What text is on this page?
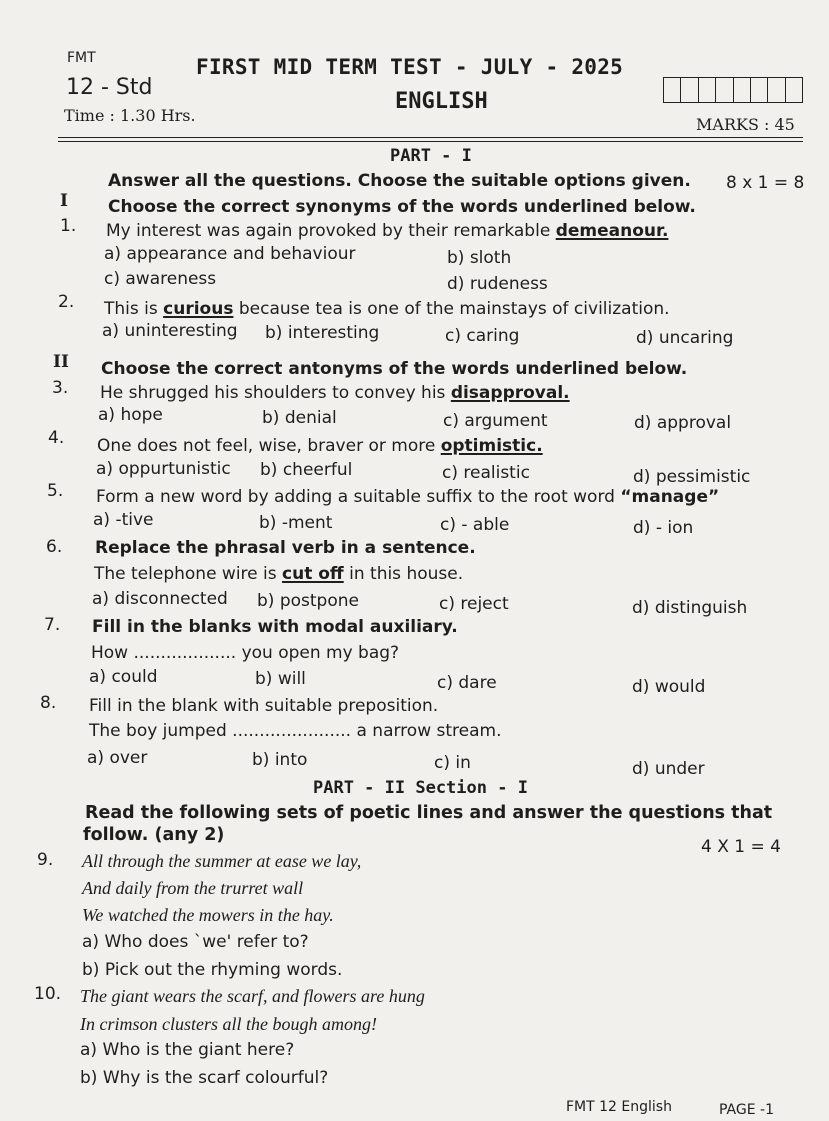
FMT	FIRST MID TERM TEST - JULY - 2025
12 - Std
ENGLISH
Time : 1.30 Hrs.	MARKS : 45
PART - I
Answer all the questions. Choose the suitable options given. 8 x 1 = 8
I Choose the correct synonyms of the words underlined below.
1. My interest was again provoked by their remarkable demeanour.
a) appearance and behaviour	b) sloth
c) awareness	d) rudeness
2. This is curious because tea is one of the mainstays of civilization.
a) uninteresting b) interesting	c) caring	d) uncaring
II Choose the correct antonyms of the words underlined below.
3. He shrugged his shoulders to convey his disapproval.
a) hope	b) denial	c) argument	d) approval
4. One does not feel, wise, braver or more optimistic.
a) oppurtunistic b) cheerful	c) realistic	d) pessimistic
5. Form a new word by adding a suitable suffix to the root word “manage”
a) -tive	b) -ment	c) - able	d) - ion
6. Replace the phrasal verb in a sentence.
The telephone wire is cut off in this house.
a) disconnected b) postpone	c) reject	d) distinguish
7. Fill in the blanks with modal auxiliary.
How ................... you open my bag?
a) could	b) will	c) dare	d) would
8. Fill in the blank with suitable preposition.
The boy jumped ...................... a narrow stream.
a) over	b) into	c) in	d) under
PART - II Section - I
Read the following sets of poetic lines and answer the questions that
follow. (any 2)
4 X 1 = 4
9. All through the summer at ease we lay,
And daily from the trurret wall
We watched the mowers in the hay.
a) Who does `we' refer to?
b) Pick out the rhyming words.
10. The giant wears the scarf, and flowers are hung
In crimson clusters all the bough among!
a) Who is the giant here?
b) Why is the scarf colourful?
FMT 12 English	PAGE -1
